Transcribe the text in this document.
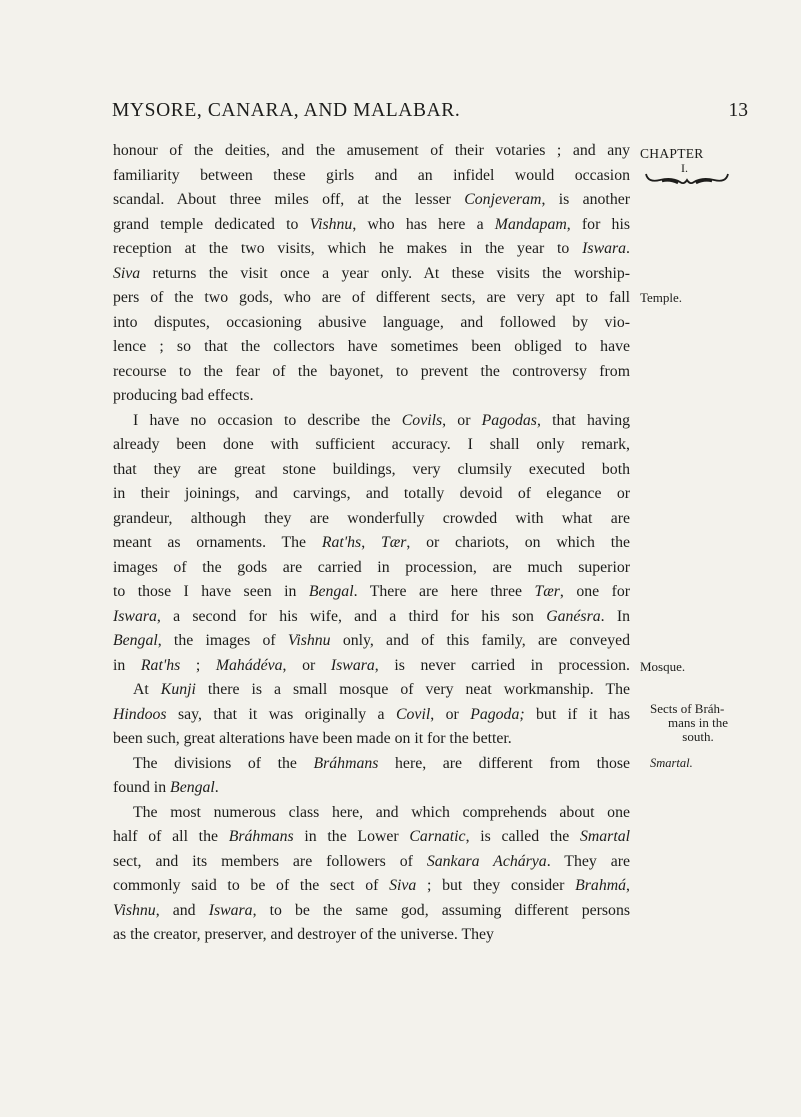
MYSORE, CANARA, AND MALABAR.	13
CHAPTER
I.
Temple.
Mosque.
Sects of Bráh-

mans in the
south.
Smartal.
honour of the deities, and the amusement of their votaries ; and any
familiarity between these girls and an infidel would occasion
scandal. About three miles off, at the lesser Conjeveram, is another
grand temple dedicated to Vishnu, who has here a Mandapam, for his
reception at the two visits, which he makes in the year to Iswara.
Siva returns the visit once a year only. At these visits the worship-
pers of the two gods, who are of different sects, are very apt to fall
into disputes, occasioning abusive language, and followed by vio-
lence ; so that the collectors have sometimes been obliged to have
recourse to the fear of the bayonet, to prevent the controversy from
producing bad effects.
I have no occasion to describe the Covils, or Pagodas, that having
already been done with sufficient accuracy. I shall only remark,
that they are great stone buildings, very clumsily executed both
in their joinings, and carvings, and totally devoid of elegance or
grandeur, although they are wonderfully crowded with what are
meant as ornaments. The Rat'hs, Tær, or chariots, on which the
images of the gods are carried in procession, are much superior
to those I have seen in Bengal. There are here three Tær, one for
Iswara, a second for his wife, and a third for his son Ganésra. In
Bengal, the images of Vishnu only, and of this family, are conveyed
in Rat'hs ; Mahádéva, or Iswara, is never carried in procession.
At Kunji there is a small mosque of very neat workmanship. The
Hindoos say, that it was originally a Covil, or Pagoda; but if it has
been such, great alterations have been made on it for the better.
The divisions of the Bráhmans here, are different from those
found in Bengal.
The most numerous class here, and which comprehends about one
half of all the Bráhmans in the Lower Carnatic, is called the Smartal
sect, and its members are followers of Sankara Achárya. They are
commonly said to be of the sect of Siva ; but they consider Brahmá,
Vishnu, and Iswara, to be the same god, assuming different persons
as the creator, preserver, and destroyer of the universe. They
